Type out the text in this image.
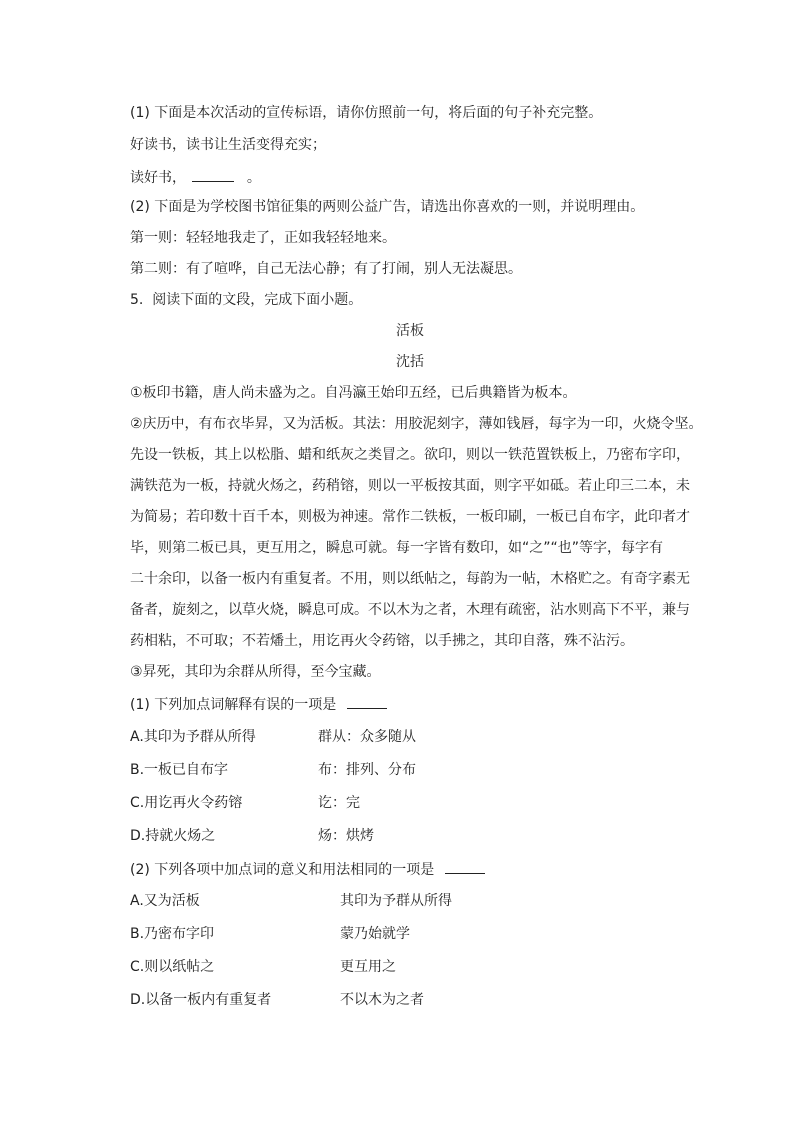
(1) 下面是本次活动的宣传标语，请你仿照前一句，将后面的句子补充完整。
好读书，读书让生活变得充实；
读好书，	。
(2) 下面是为学校图书馆征集的两则公益广告，请选出你喜欢的一则，并说明理由。
第一则：轻轻地我走了，正如我轻轻地来。
第二则：有了喧哗，自己无法心静；有了打闹，别人无法凝思。
5.  阅读下面的文段，完成下面小题。
活板
沈括
①板印书籍，唐人尚未盛为之。自冯瀛王始印五经，已后典籍皆为板本。
②庆历中，有布衣毕昇，又为活板。其法：用胶泥刻字，薄如钱唇，每字为一印，火烧令坚。
先设一铁板，其上以松脂、蜡和纸灰之类冒之。欲印，则以一铁范置铁板上，乃密布字印，
满铁范为一板，持就火炀之，药稍镕，则以一平板按其面，则字平如砥。若止印三二本，未
为简易；若印数十百千本，则极为神速。常作二铁板，一板印刷，一板已自布字，此印者才
毕，则第二板已具，更互用之，瞬息可就。每一字皆有数印，如“之”“也”等字，每字有
二十余印，以备一板内有重复者。不用，则以纸帖之，每韵为一帖，木格贮之。有奇字素无
备者，旋刻之，以草火烧，瞬息可成。不以木为之者，木理有疏密，沾水则高下不平，兼与
药相粘，不可取；不若燔土，用讫再火令药镕，以手拂之，其印自落，殊不沾污。
③昇死，其印为余群从所得，至今宝藏。
(1) 下列加点词解释有误的一项是
A.其印为予群从所得	群从：众多随从
B.一板已自布字	布：排列、分布
C.用讫再火令药镕	讫：完
D.持就火炀之	炀：烘烤
(2) 下列各项中加点词的意义和用法相同的一项是
A.又为活板	其印为予群从所得
B.乃密布字印	蒙乃始就学
C.则以纸帖之	更互用之
D.以备一板内有重复者	不以木为之者
